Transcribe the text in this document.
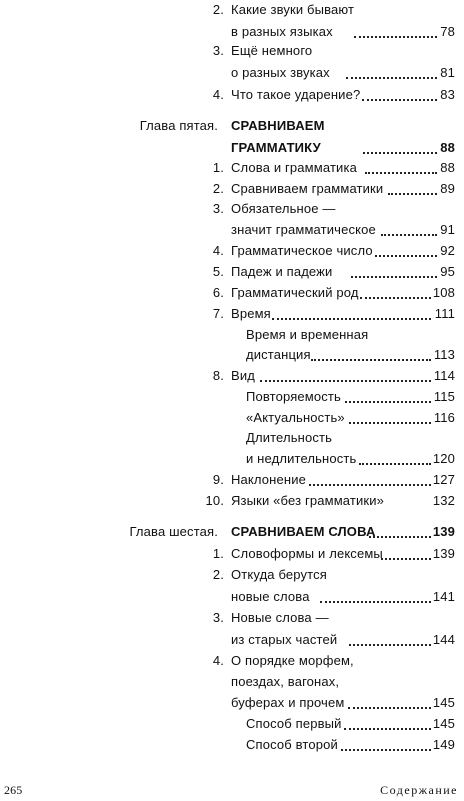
2. Какие звуки бывают
в разных языках	78
3. Ещё немного
о разных звуках	81
4. Что такое ударение?	83
Глава пятая. СРАВНИВАЕМ
ГРАММАТИКУ	88
1. Слова и грамматика	88
2. Сравниваем грамматики	89
3. Обязательное —
значит грамматическое	91
4. Грамматическое число	92
5. Падеж и падежи	95
6. Грамматический род	108
7. Время	111
Время и временная
дистанция	113
8. Вид	114
Повторяемость	115
«Актуальность»	116
Длительность
и недлительность	120
9. Наклонение	127
10. Языки «без грамматики»	132
Глава шестая. СРАВНИВАЕМ СЛОВА	139
1. Словоформы и лексемы	139
2. Откуда берутся
новые слова	141
3. Новые слова —
из старых частей	144
4. О порядке морфем,
поездах, вагонах,
буферах и прочем	145
Способ первый	145
Способ второй	149
265	Содержание
